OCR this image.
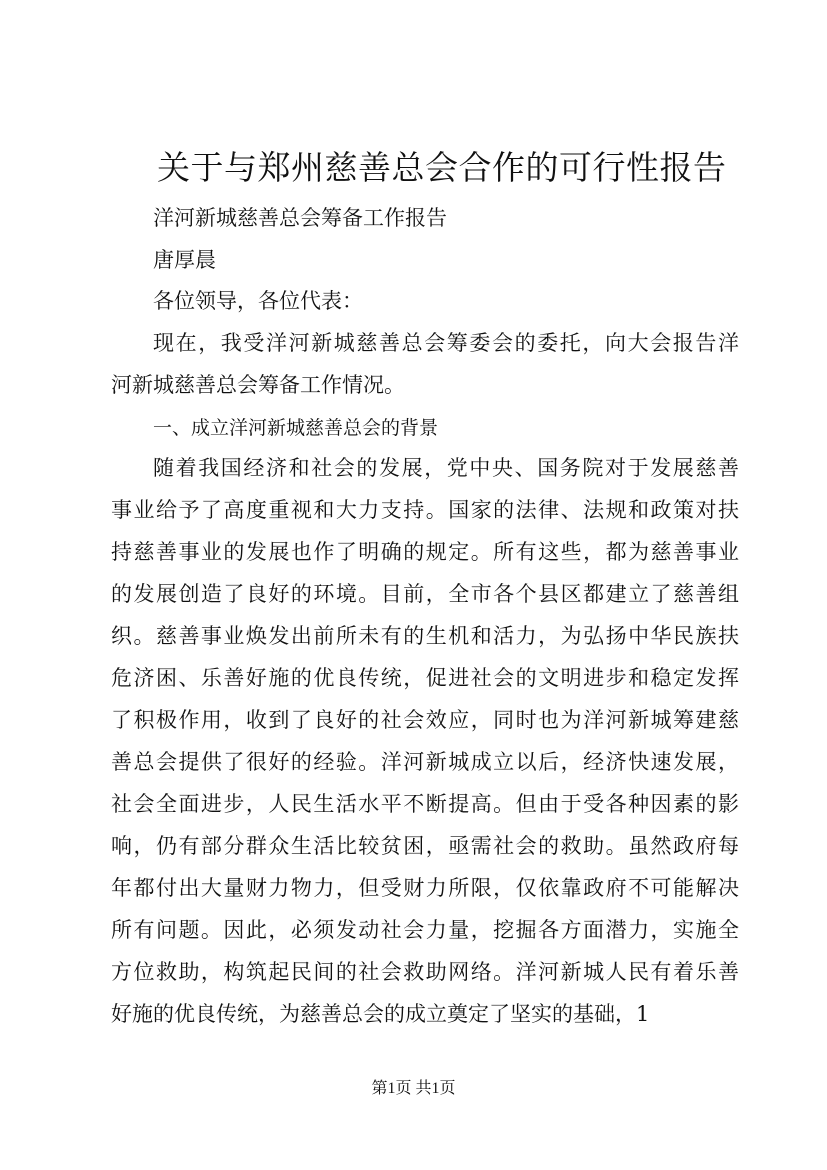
关于与郑州慈善总会合作的可行性报告

洋河新城慈善总会筹备工作报告

唐厚晨

各位领导，各位代表：

现在，我受洋河新城慈善总会筹委会的委托，向大会报告洋

河新城慈善总会筹备工作情况。

一、成立洋河新城慈善总会的背景

随着我国经济和社会的发展，党中央、国务院对于发展慈善

事业给予了高度重视和大力支持。国家的法律、法规和政策对扶

持慈善事业的发展也作了明确的规定。所有这些，都为慈善事业

的发展创造了良好的环境。目前，全市各个县区都建立了慈善组

织。慈善事业焕发出前所未有的生机和活力，为弘扬中华民族扶

危济困、乐善好施的优良传统，促进社会的文明进步和稳定发挥

了积极作用，收到了良好的社会效应，同时也为洋河新城筹建慈

善总会提供了很好的经验。洋河新城成立以后，经济快速发展，

社会全面进步，人民生活水平不断提高。但由于受各种因素的影

响，仍有部分群众生活比较贫困，亟需社会的救助。虽然政府每

年都付出大量财力物力，但受财力所限，仅依靠政府不可能解决

所有问题。因此，必须发动社会力量，挖掘各方面潜力，实施全

方位救助，构筑起民间的社会救助网络。洋河新城人民有着乐善

好施的优良传统，为慈善总会的成立奠定了坚实的基础，1

第1页 共1页
